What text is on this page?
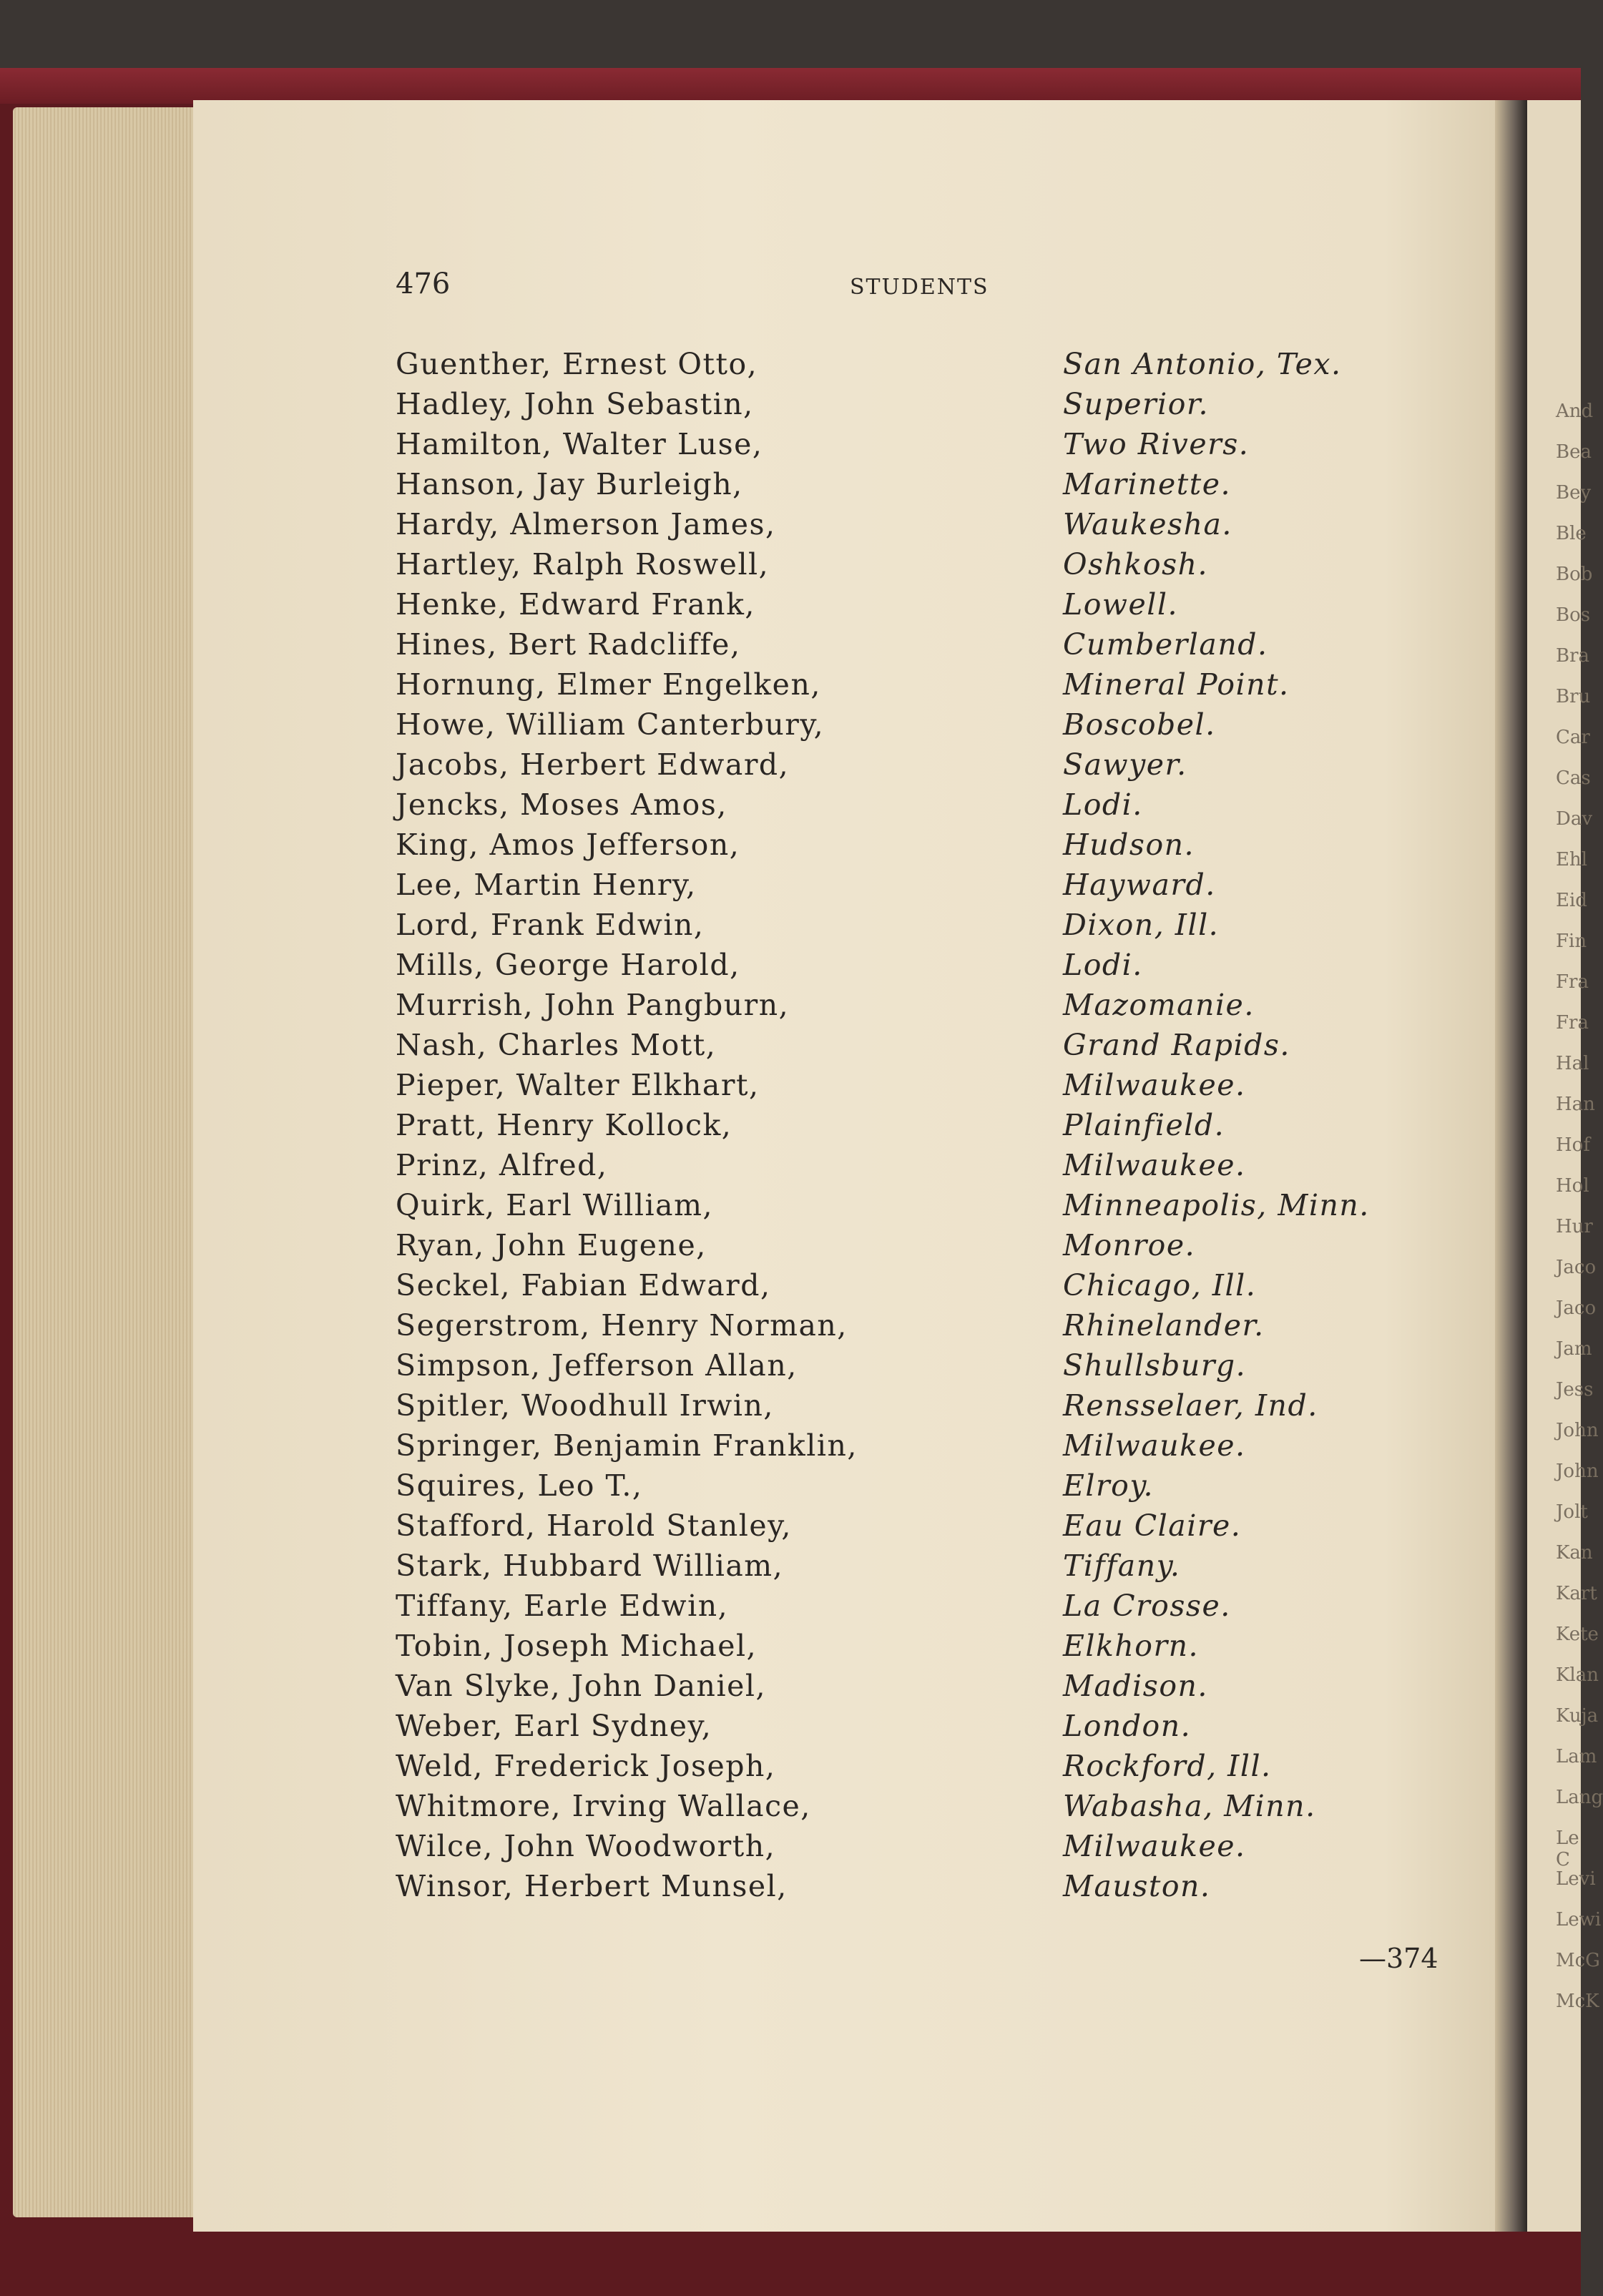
And
Bea
Bey
Ble
Bob
Bos
Bra
Bru
Car
Cas
Dav
Ehl
Eid
Fin
Fra
Fra
Hal
Han
Hof
Hol
Hur
Jaco
Jaco
Jam
Jess
John
John
Jolt
Kan
Kart
Kete
Klan
Kuja
Lam
Lang
Le C
Levi
Lewi
McG
McK
476	STUDENTS
Guenther, Ernest Otto,	San Antonio, Tex.
Hadley, John Sebastin,	Superior.
Hamilton, Walter Luse,	Two Rivers.
Hanson, Jay Burleigh,	Marinette.
Hardy, Almerson James,	Waukesha.
Hartley, Ralph Roswell,	Oshkosh.
Henke, Edward Frank,	Lowell.
Hines, Bert Radcliffe,	Cumberland.
Hornung, Elmer Engelken,	Mineral Point.
Howe, William Canterbury,	Boscobel.
Jacobs, Herbert Edward,	Sawyer.
Jencks, Moses Amos,	Lodi.
King, Amos Jefferson,	Hudson.
Lee, Martin Henry,	Hayward.
Lord, Frank Edwin,	Dixon, Ill.
Mills, George Harold,	Lodi.
Murrish, John Pangburn,	Mazomanie.
Nash, Charles Mott,	Grand Rapids.
Pieper, Walter Elkhart,	Milwaukee.
Pratt, Henry Kollock,	Plainfield.
Prinz, Alfred,	Milwaukee.
Quirk, Earl William,	Minneapolis, Minn.
Ryan, John Eugene,	Monroe.
Seckel, Fabian Edward,	Chicago, Ill.
Segerstrom, Henry Norman,	Rhinelander.
Simpson, Jefferson Allan,	Shullsburg.
Spitler, Woodhull Irwin,	Rensselaer, Ind.
Springer, Benjamin Franklin,	Milwaukee.
Squires, Leo T.,	Elroy.
Stafford, Harold Stanley,	Eau Claire.
Stark, Hubbard William,	Tiffany.
Tiffany, Earle Edwin,	La Crosse.
Tobin, Joseph Michael,	Elkhorn.
Van Slyke, John Daniel,	Madison.
Weber, Earl Sydney,	London.
Weld, Frederick Joseph,	Rockford, Ill.
Whitmore, Irving Wallace,	Wabasha, Minn.
Wilce, John Woodworth,	Milwaukee.
Winsor, Herbert Munsel,	Mauston.
—374
